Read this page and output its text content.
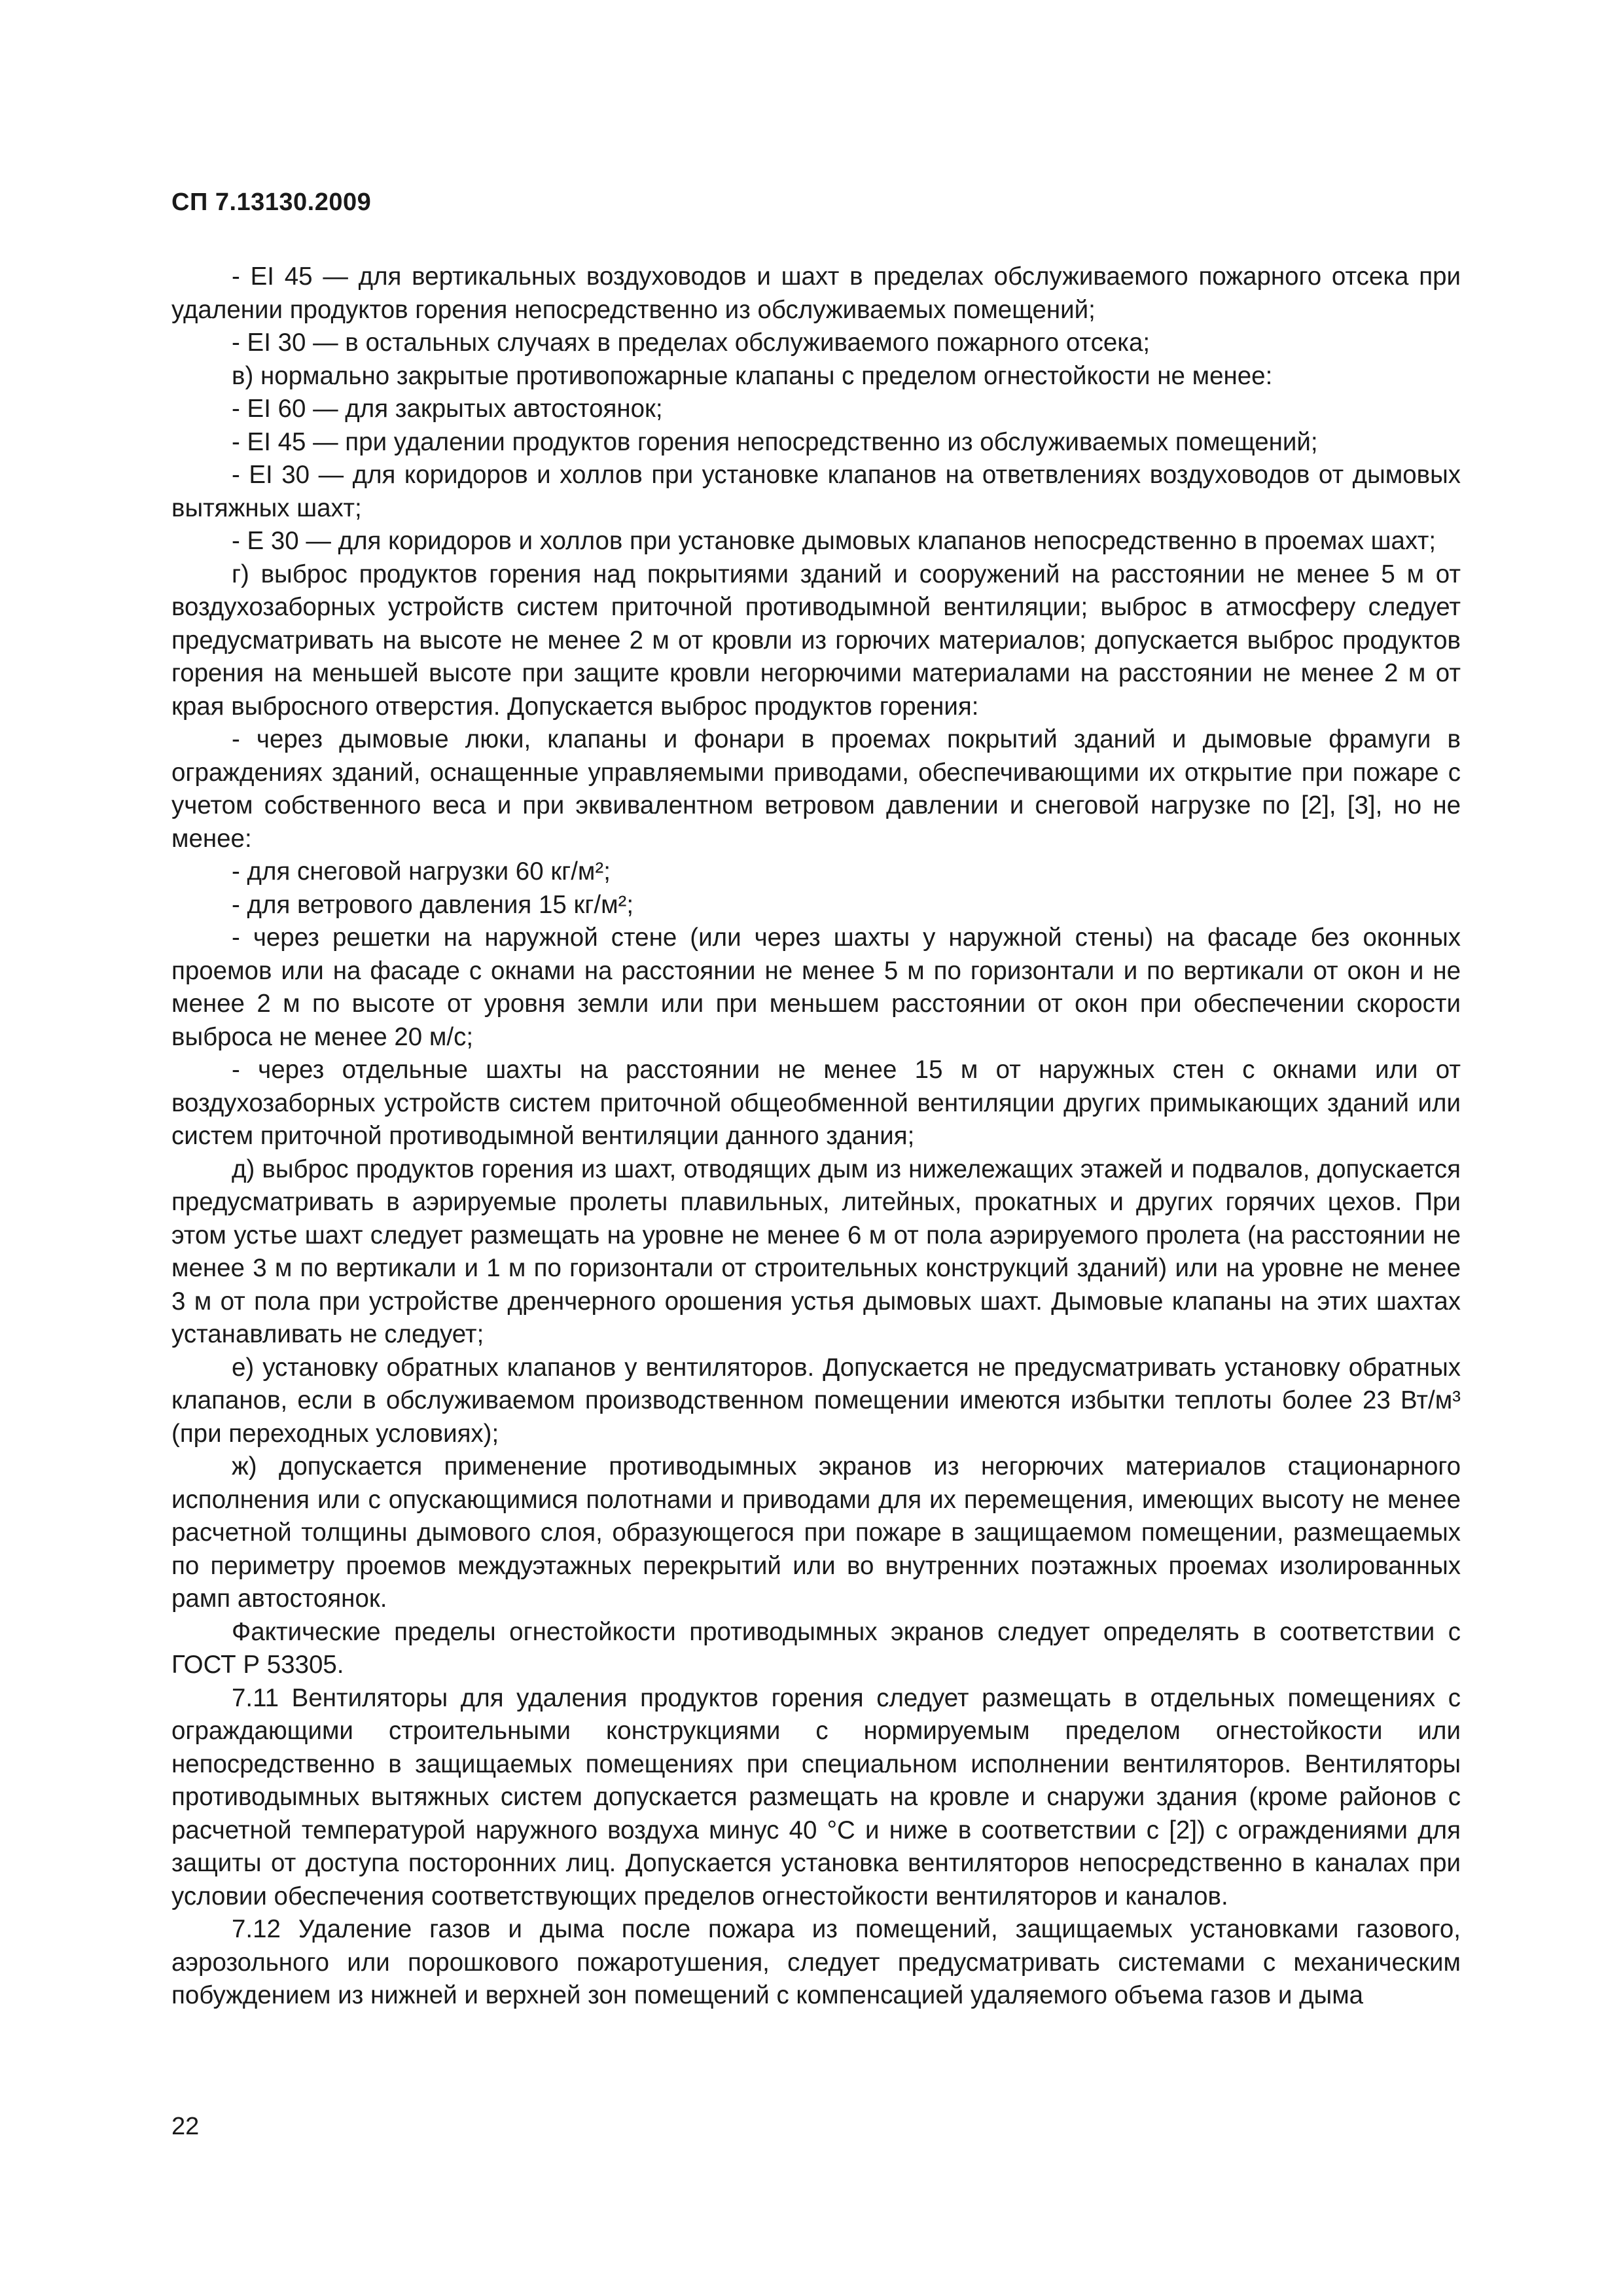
СП 7.13130.2009

- EI 45 — для вертикальных воздуховодов и шахт в пределах обслуживаемого пожарного отсека при удалении продуктов горения непосредственно из обслуживаемых помещений;

- EI 30 — в остальных случаях в пределах обслуживаемого пожарного отсека;

в) нормально закрытые противопожарные клапаны с пределом огнестойкости не менее:

- EI 60 — для закрытых автостоянок;

- EI 45 — при удалении продуктов горения непосредственно из обслуживаемых помещений;

- EI 30 — для коридоров и холлов при установке клапанов на ответвлениях воздуховодов от дымовых вытяжных шахт;

- Е 30 — для коридоров и холлов при установке дымовых клапанов непосредственно в проемах шахт;

г) выброс продуктов горения над покрытиями зданий и сооружений на расстоянии не менее 5 м от воздухозаборных устройств систем приточной противодымной вентиляции; выброс в атмосферу следует предусматривать на высоте не менее 2 м от кровли из горючих материалов; допускается выброс продуктов горения на меньшей высоте при защите кровли негорючими материалами на расстоянии не менее 2 м от края выбросного отверстия. Допускается выброс продуктов горения:

- через дымовые люки, клапаны и фонари в проемах покрытий зданий и дымовые фрамуги в ограждениях зданий, оснащенные управляемыми приводами, обеспечивающими их открытие при пожаре с учетом собственного веса и при эквивалентном ветровом давлении и снеговой нагрузке по [2], [3], но не менее:

- для снеговой нагрузки 60 кг/м²;

- для ветрового давления 15 кг/м²;

- через решетки на наружной стене (или через шахты у наружной стены) на фасаде без оконных проемов или на фасаде с окнами на расстоянии не менее 5 м по горизонтали и по вертикали от окон и не менее 2 м по высоте от уровня земли или при меньшем расстоянии от окон при обеспечении скорости выброса не менее 20 м/с;

- через отдельные шахты на расстоянии не менее 15 м от наружных стен с окнами или от воздухозаборных устройств систем приточной общеобменной вентиляции других примыкающих зданий или систем приточной противодымной вентиляции данного здания;

д) выброс продуктов горения из шахт, отводящих дым из нижележащих этажей и подвалов, допускается предусматривать в аэрируемые пролеты плавильных, литейных, прокатных и других горячих цехов. При этом устье шахт следует размещать на уровне не менее 6 м от пола аэрируемого пролета (на расстоянии не менее 3 м по вертикали и 1 м по горизонтали от строительных конструкций зданий) или на уровне не менее 3 м от пола при устройстве дренчерного орошения устья дымовых шахт. Дымовые клапаны на этих шахтах устанавливать не следует;

е) установку обратных клапанов у вентиляторов. Допускается не предусматривать установку обратных клапанов, если в обслуживаемом производственном помещении имеются избытки теплоты более 23 Вт/м³ (при переходных условиях);

ж) допускается применение противодымных экранов из негорючих материалов стационарного исполнения или с опускающимися полотнами и приводами для их перемещения, имеющих высоту не менее расчетной толщины дымового слоя, образующегося при пожаре в защищаемом помещении, размещаемых по периметру проемов междуэтажных перекрытий или во внутренних поэтажных проемах изолированных рамп автостоянок.

Фактические пределы огнестойкости противодымных экранов следует определять в соответствии с ГОСТ Р 53305.

7.11 Вентиляторы для удаления продуктов горения следует размещать в отдельных помещениях с ограждающими строительными конструкциями с нормируемым пределом огнестойкости или непосредственно в защищаемых помещениях при специальном исполнении вентиляторов. Вентиляторы противодымных вытяжных систем допускается размещать на кровле и снаружи здания (кроме районов с расчетной температурой наружного воздуха минус 40 °С и ниже в соответствии с [2]) с ограждениями для защиты от доступа посторонних лиц. Допускается установка вентиляторов непосредственно в каналах при условии обеспечения соответствующих пределов огнестойкости вентиляторов и каналов.

7.12 Удаление газов и дыма после пожара из помещений, защищаемых установками газового, аэрозольного или порошкового пожаротушения, следует предусматривать системами с механическим побуждением из нижней и верхней зон помещений с компенсацией удаляемого объема газов и дыма

22
